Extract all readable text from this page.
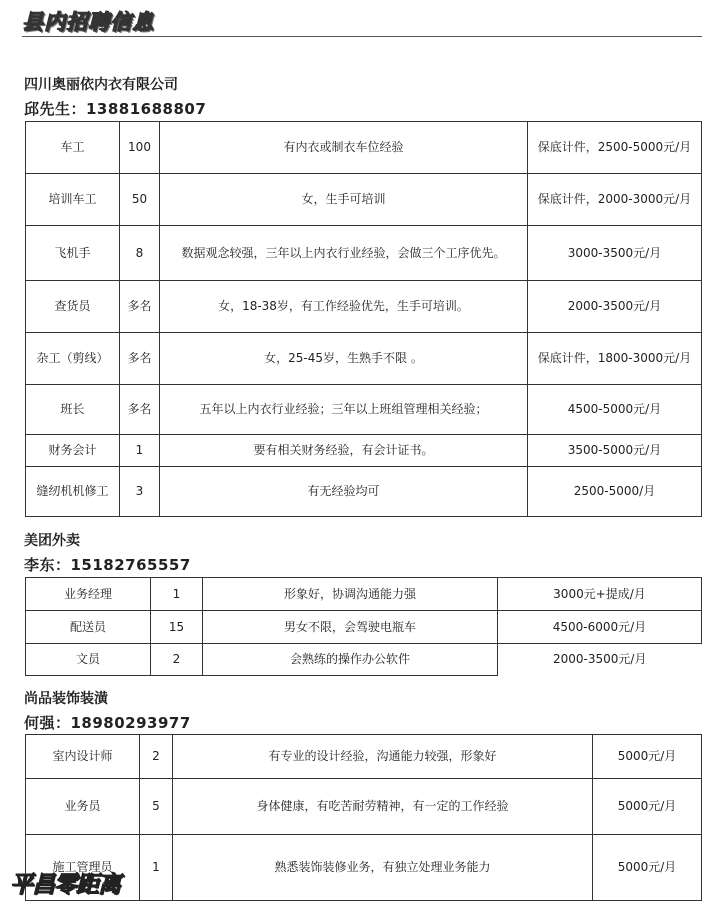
县内招聘信息
四川奥丽依内衣有限公司
邱先生：13881688807
车工	100	有内衣或制衣车位经验	保底计件，2500-5000元/月
培训车工	50	女，生手可培训	保底计件，2000-3000元/月
飞机手	8	数据观念较强，三年以上内衣行业经验，会做三个工序优先。	3000-3500元/月
查货员	多名	女，18-38岁，有工作经验优先，生手可培训。	2000-3500元/月
杂工（剪线）	多名	女，25-45岁，生熟手不限 。	保底计件，1800-3000元/月
班长	多名	五年以上内衣行业经验；三年以上班组管理相关经验；	4500-5000元/月
财务会计	1	要有相关财务经验，有会计证书。	3500-5000元/月
缝纫机机修工	3	有无经验均可	2500-5000/月
美团外卖
李东：15182765557
业务经理	1	形象好，协调沟通能力强	3000元+提成/月
配送员	15	男女不限，会驾驶电瓶车	4500-6000元/月
文员	2	会熟练的操作办公软件	2000-3500元/月
尚品装饰装潢
何强：18980293977
室内设计师	2	有专业的设计经验，沟通能力较强，形象好	5000元/月
业务员	5	身体健康，有吃苦耐劳精神，有一定的工作经验	5000元/月
施工管理员	1	熟悉装饰装修业务，有独立处理业务能力	5000元/月
平昌零距离
